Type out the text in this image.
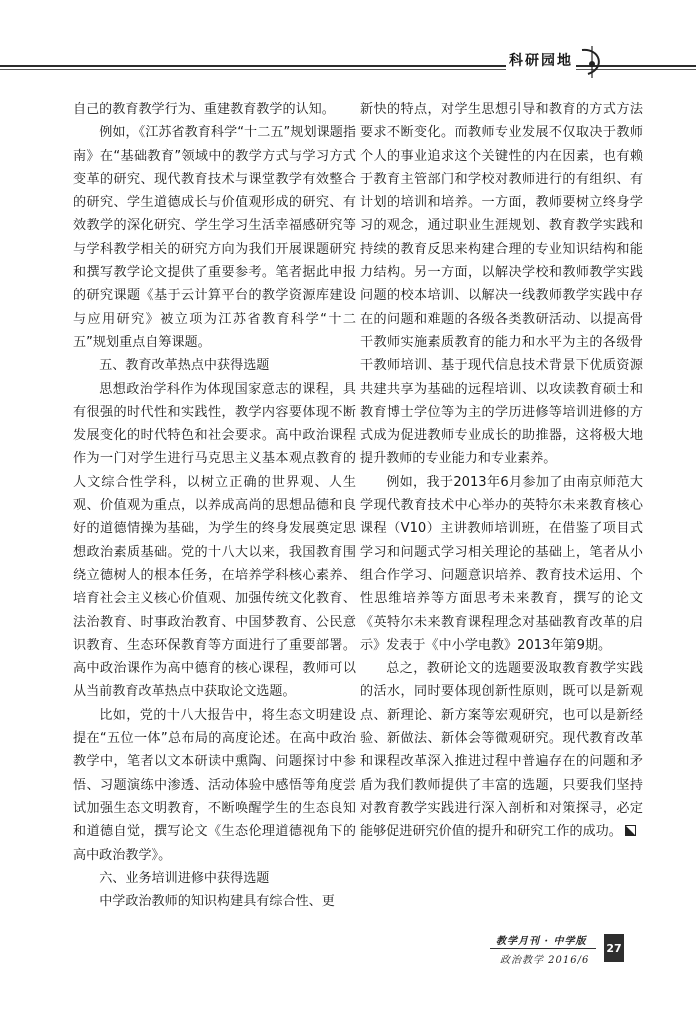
科研园地

自己的教育教学行为、重建教育教学的认知。

例如，《江苏省教育科学“十二五”规划课题指南》在“基础教育”领域中的教学方式与学习方式变革的研究、现代教育技术与课堂教学有效整合的研究、学生道德成长与价值观形成的研究、有效教学的深化研究、学生学习生活幸福感研究等与学科教学相关的研究方向为我们开展课题研究和撰写教学论文提供了重要参考。笔者据此申报的研究课题《基于云计算平台的教学资源库建设与应用研究》被立项为江苏省教育科学“十二五”规划重点自筹课题。

五、教育改革热点中获得选题

思想政治学科作为体现国家意志的课程，具有很强的时代性和实践性，教学内容要体现不断发展变化的时代特色和社会要求。高中政治课程作为一门对学生进行马克思主义基本观点教育的人文综合性学科，以树立正确的世界观、人生观、价值观为重点，以养成高尚的思想品德和良好的道德情操为基础，为学生的终身发展奠定思想政治素质基础。党的十八大以来，我国教育围绕立德树人的根本任务，在培养学科核心素养、培育社会主义核心价值观、加强传统文化教育、法治教育、时事政治教育、中国梦教育、公民意识教育、生态环保教育等方面进行了重要部署。高中政治课作为高中德育的核心课程，教师可以从当前教育改革热点中获取论文选题。

比如，党的十八大报告中，将生态文明建设提在“五位一体”总布局的高度论述。在高中政治教学中，笔者以文本研读中熏陶、问题探讨中参悟、习题演练中渗透、活动体验中感悟等角度尝试加强生态文明教育，不断唤醒学生的生态良知和道德自觉，撰写论文《生态伦理道德视角下的高中政治教学》。

六、业务培训进修中获得选题

中学政治教师的知识构建具有综合性、更

新快的特点，对学生思想引导和教育的方式方法要求不断变化。而教师专业发展不仅取决于教师个人的事业追求这个关键性的内在因素，也有赖于教育主管部门和学校对教师进行的有组织、有计划的培训和培养。一方面，教师要树立终身学习的观念，通过职业生涯规划、教育教学实践和持续的教育反思来构建合理的专业知识结构和能力结构。另一方面，以解决学校和教师教学实践问题的校本培训、以解决一线教师教学实践中存在的问题和难题的各级各类教研活动、以提高骨干教师实施素质教育的能力和水平为主的各级骨干教师培训、基于现代信息技术背景下优质资源共建共享为基础的远程培训、以攻读教育硕士和教育博士学位等为主的学历进修等培训进修的方式成为促进教师专业成长的助推器，这将极大地提升教师的专业能力和专业素养。

例如，我于2013年6月参加了由南京师范大学现代教育技术中心举办的英特尔未来教育核心课程（V10）主讲教师培训班，在借鉴了项目式学习和问题式学习相关理论的基础上，笔者从小组合作学习、问题意识培养、教育技术运用、个性思维培养等方面思考未来教育，撰写的论文《英特尔未来教育课程理念对基础教育改革的启示》发表于《中小学电教》2013年第9期。

总之，教研论文的选题要汲取教育教学实践的活水，同时要体现创新性原则，既可以是新观点、新理论、新方案等宏观研究，也可以是新经验、新做法、新体会等微观研究。现代教育改革和课程改革深入推进过程中普遍存在的问题和矛盾为我们教师提供了丰富的选题，只要我们坚持对教育教学实践进行深入剖析和对策探寻，必定能够促进研究价值的提升和研究工作的成功。

教学月刊 · 中学版
政治教学 2016/6
27
